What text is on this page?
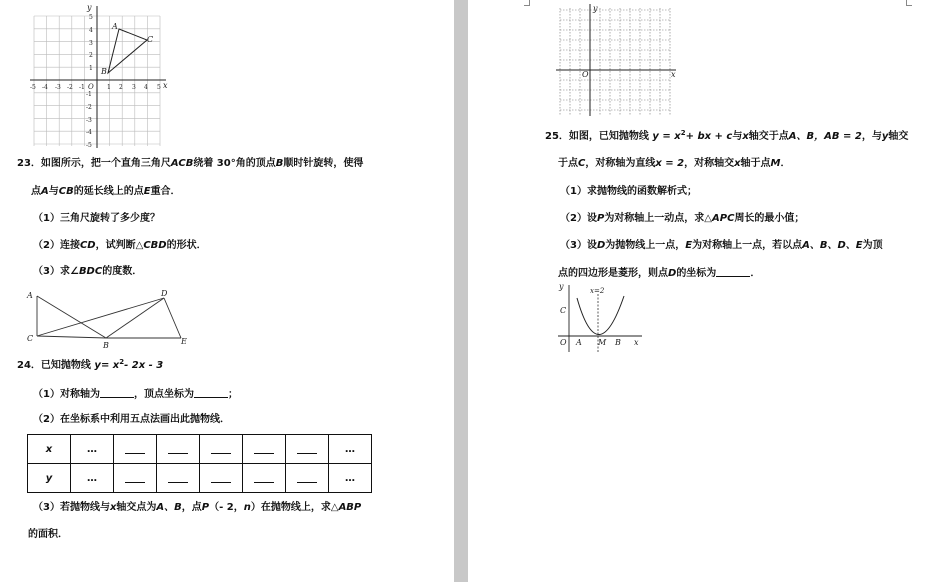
y
x
O
-5 -4 -3 -2 -1	1 2 3 4 5
5
4
3
2
1
-1
-2
-3
-4
-5
A
B
C
23．如图所示，把一个直角三角尺ACB绕着 30°角的顶点B顺时针旋转，使得
点A与CB的延长线上的点E重合．
（1）三角尺旋转了多少度？
（2）连接CD，试判断△CBD的形状．
（3）求∠BDC的度数．
A	D
C
B	E
24．已知抛物线 $y= x^2-$ 2x - 3
（1）对称轴为	，顶点坐标为	；
（2）在坐标系中利用五点法画出此抛物线．
x	…						…
y	…						…
（3）若抛物线与x轴交点为A、B，点P（- 2，n）在抛物线上，求△ABP
的面积．
y
x
O
25．如图，已知抛物线 $y = x^2+$ bx + c与x轴交于点A、B，AB = 2，与y轴交
于点C，对称轴为直线x = 2，对称轴交x轴于点M．
（1）求抛物线的函数解析式；
（2）设P为对称轴上一动点，求△APC周长的最小值；
（3）设D为抛物线上一点，E为对称轴上一点，若以点A、B、D、E为顶
点的四边形是菱形，则点D的坐标为	．
y	x=2
C
O A M B x
